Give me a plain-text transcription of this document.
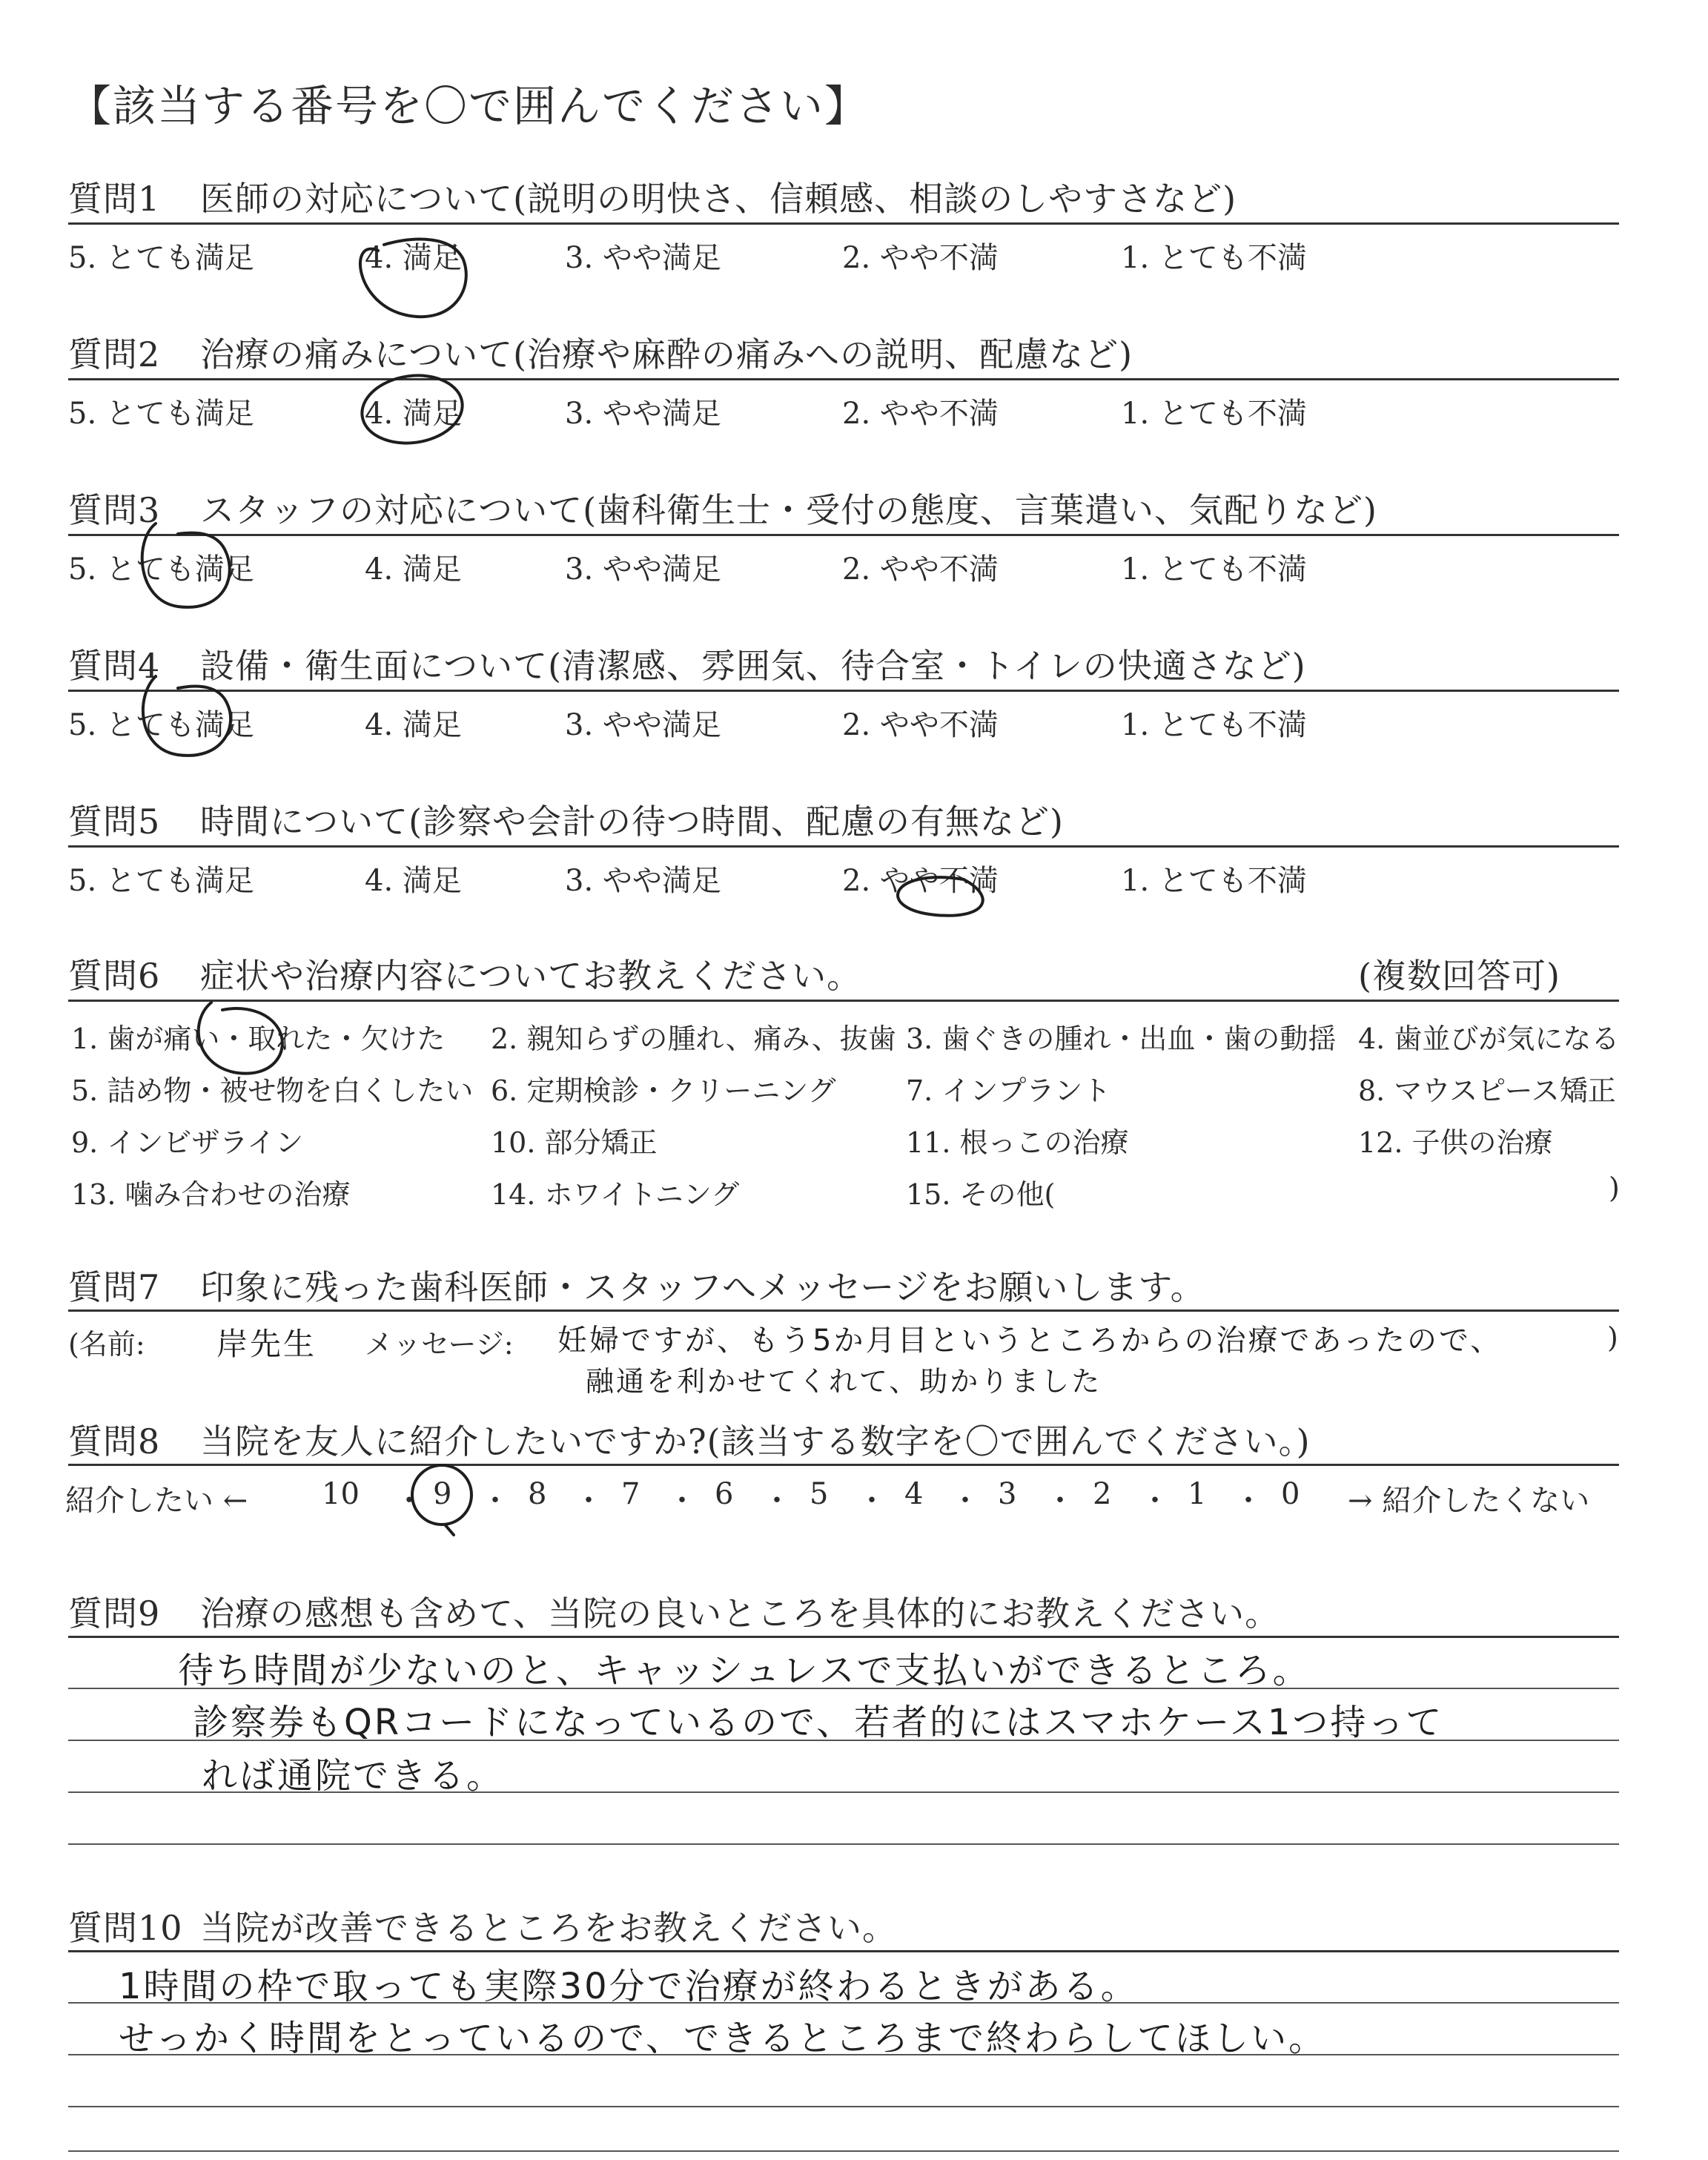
【該当する番号を〇で囲んでください】
質問1 医師の対応について(説明の明快さ、信頼感、相談のしやすさなど)
5. とても満足	4. 満足	3. やや満足	2. やや不満	1. とても不満
質問2 治療の痛みについて(治療や麻酔の痛みへの説明、配慮など)
5. とても満足	4. 満足	3. やや満足	2. やや不満	1. とても不満
質問3 スタッフの対応について(歯科衛生士・受付の態度、言葉遣い、気配りなど)
5. とても満足	4. 満足	3. やや満足	2. やや不満	1. とても不満
質問4 設備・衛生面について(清潔感、雰囲気、待合室・トイレの快適さなど)
5. とても満足	4. 満足	3. やや満足	2. やや不満	1. とても不満
質問5 時間について(診察や会計の待つ時間、配慮の有無など)
5. とても満足	4. 満足	3. やや満足	2. やや不満	1. とても不満
質問6 症状や治療内容についてお教えください。	(複数回答可)
1. 歯が痛い・取れた・欠けた 2. 親知らずの腫れ、痛み、抜歯 3. 歯ぐきの腫れ・出血・歯の動揺 4. 歯並びが気になる
5. 詰め物・被せ物を白くしたい 6. 定期検診・クリーニング 7. インプラント	8. マウスピース矯正
9. インビザライン	10. 部分矯正	11. 根っこの治療	12. 子供の治療
13. 噛み合わせの治療	14. ホワイトニング	15. その他(	)
質問7 印象に残った歯科医師・スタッフへメッセージをお願いします。
(名前: 岸先生 メッセージ: 妊婦ですが、もう5か月目というところからの治療であったので、
融通を利かせてくれて、助かりました
)
質問8 当院を友人に紹介したいですか?(該当する数字を〇で囲んでください。)
紹介したい ← 10 9	8	7	6	5	4	3	2	1	0 → 紹介したくない
・ ・ ・ ・ ・ ・ ・ ・ ・ ・
質問9 治療の感想も含めて、当院の良いところを具体的にお教えください。
待ち時間が少ないのと、キャッシュレスで支払いができるところ。
診察券もQRコードになっているので、若者的にはスマホケース1つ持って
れば通院できる。
質問10 当院が改善できるところをお教えください。
1時間の枠で取っても実際30分で治療が終わるときがある。
せっかく時間をとっているので、できるところまで終わらしてほしい。
